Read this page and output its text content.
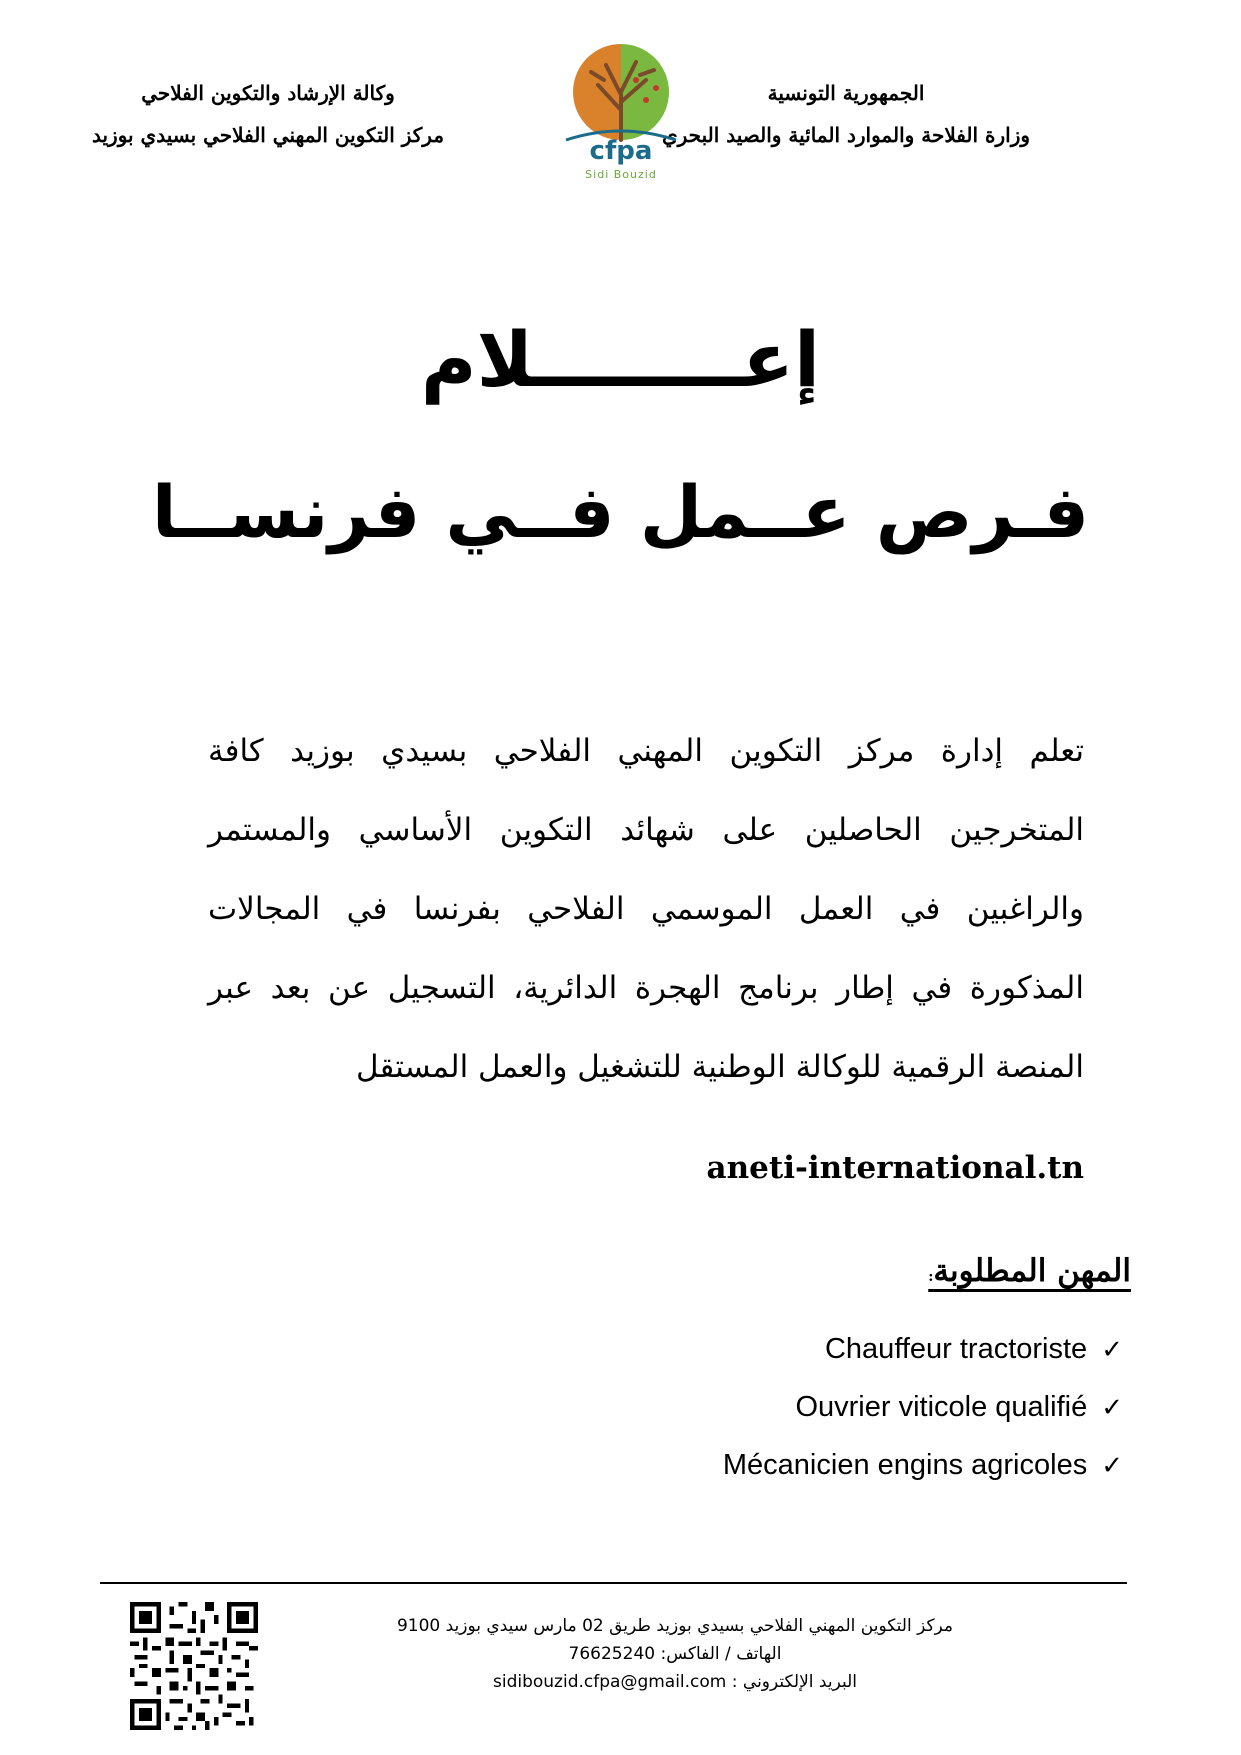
الجمهورية التونسية
وزارة الفلاحة والموارد المائية والصيد البحري
وكالة الإرشاد والتكوين الفلاحي
مركز التكوين المهني الفلاحي بسيدي بوزيد
cfpa
Sidi Bouzid
إعــــــــلام
فـرص عــمل فــي فرنســا
تعلم إدارة مركز التكوين المهني الفلاحي بسيدي بوزيد كافة المتخرجين الحاصلين على شهائد التكوين الأساسي والمستمر والراغبين في العمل الموسمي الفلاحي بفرنسا في المجالات المذكورة في إطار برنامج الهجرة الدائرية، التسجيل عن بعد عبر المنصة الرقمية للوكالة الوطنية للتشغيل والعمل المستقل
aneti-international.tn
المهن المطلوبة:
Chauffeur tractoriste ✓
Ouvrier viticole qualifié ✓
Mécanicien engins agricoles ✓
مركز التكوين المهني الفلاحي بسيدي بوزيد طريق 02 مارس سيدي بوزيد 9100
الهاتف / الفاكس: 76625240
البريد الإلكتروني : sidibouzid.cfpa@gmail.com
